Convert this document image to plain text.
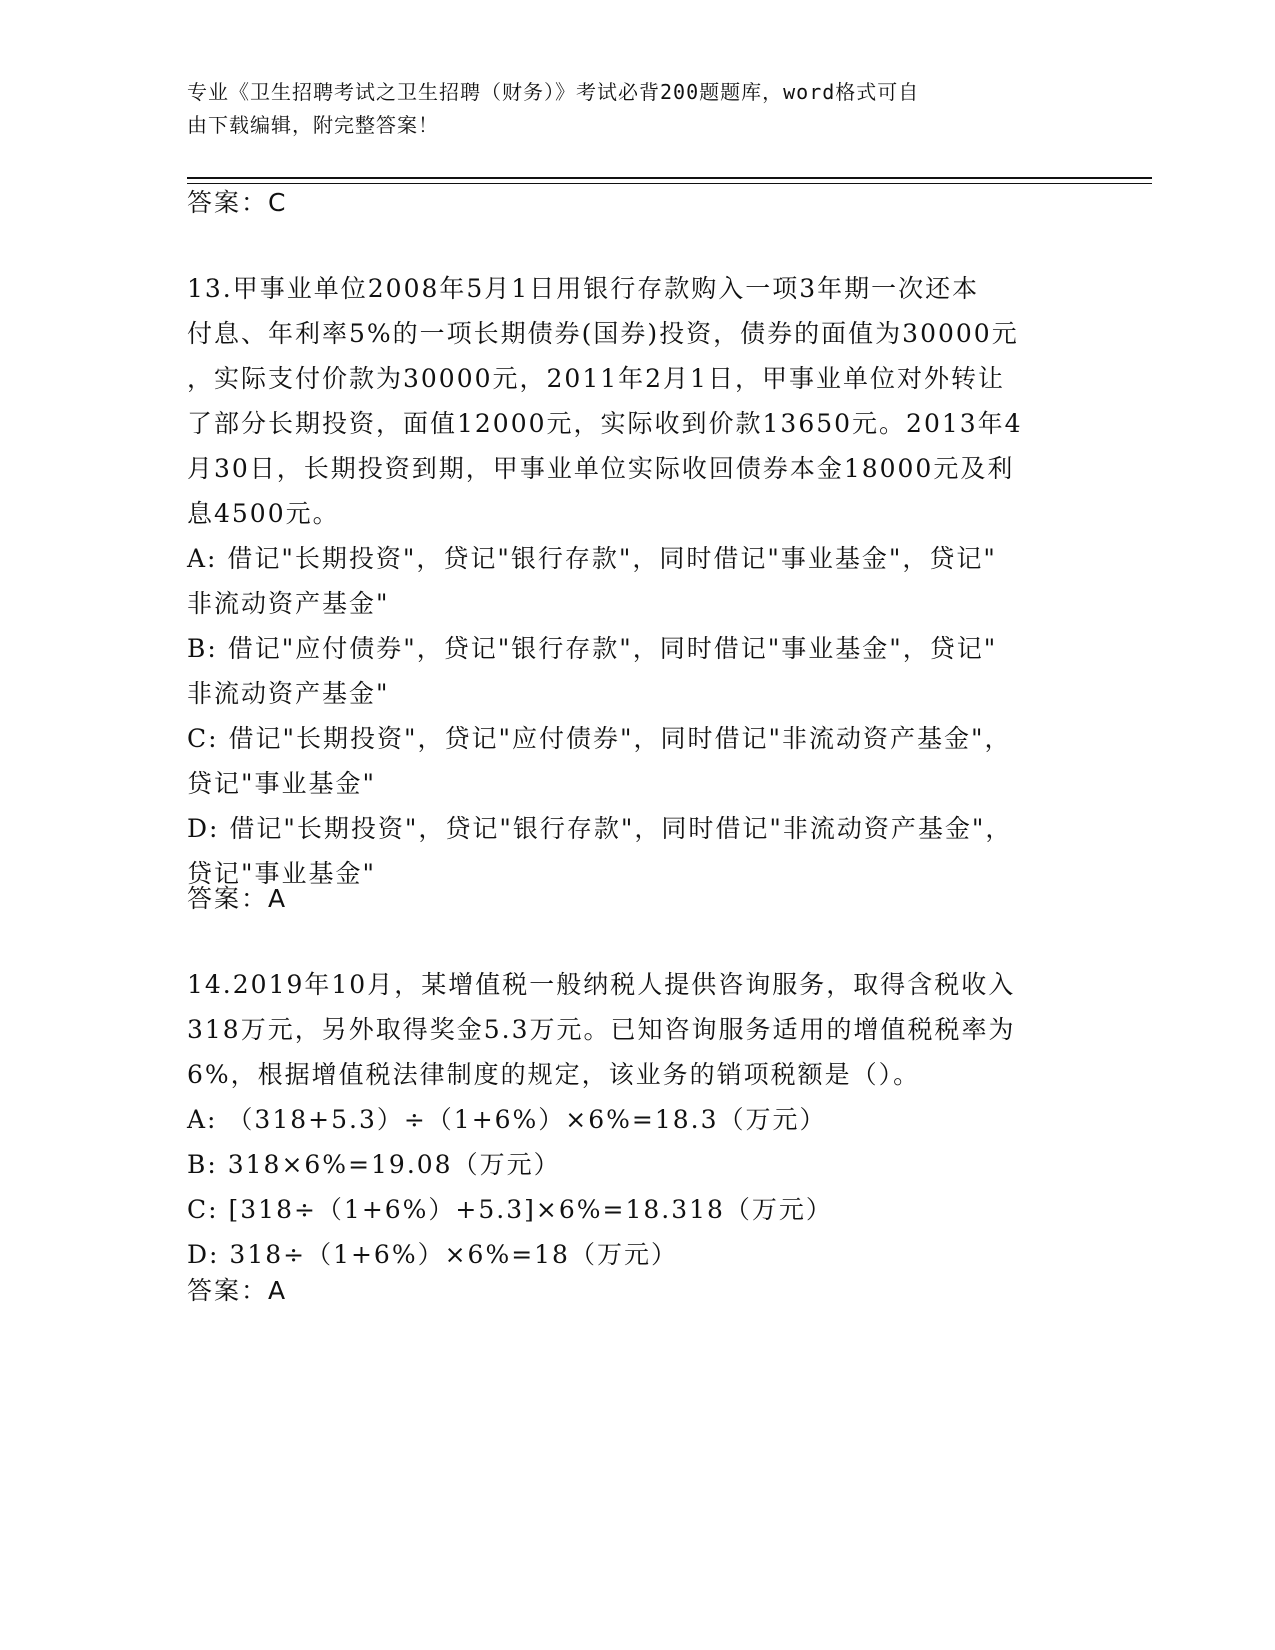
专业《卫生招聘考试之卫生招聘（财务）》考试必背200题题库，word格式可自
由下载编辑，附完整答案！
答案：C
13.甲事业单位2008年5月1日用银行存款购入一项3年期一次还本
付息、年利率5%的一项长期债券(国券)投资，债券的面值为30000元
，实际支付价款为30000元，2011年2月1日，甲事业单位对外转让
了部分长期投资，面值12000元，实际收到价款13650元。2013年4
月30日，长期投资到期，甲事业单位实际收回债券本金18000元及利
息4500元。
A: 借记"长期投资"，贷记"银行存款"，同时借记"事业基金"，贷记"
非流动资产基金"
B: 借记"应付债券"，贷记"银行存款"，同时借记"事业基金"，贷记"
非流动资产基金"
C: 借记"长期投资"，贷记"应付债券"，同时借记"非流动资产基金"，
贷记"事业基金"
D: 借记"长期投资"，贷记"银行存款"，同时借记"非流动资产基金"，
贷记"事业基金"
答案：A
14.2019年10月，某增值税一般纳税人提供咨询服务，取得含税收入
318万元，另外取得奖金5.3万元。已知咨询服务适用的增值税税率为
6%，根据增值税法律制度的规定，该业务的销项税额是（）。
A: （318+5.3）÷（1+6%）×6%=18.3（万元）
B: 318×6%=19.08（万元）
C: [318÷（1+6%）+5.3]×6%=18.318（万元）
D: 318÷（1+6%）×6%=18（万元）
答案：A
